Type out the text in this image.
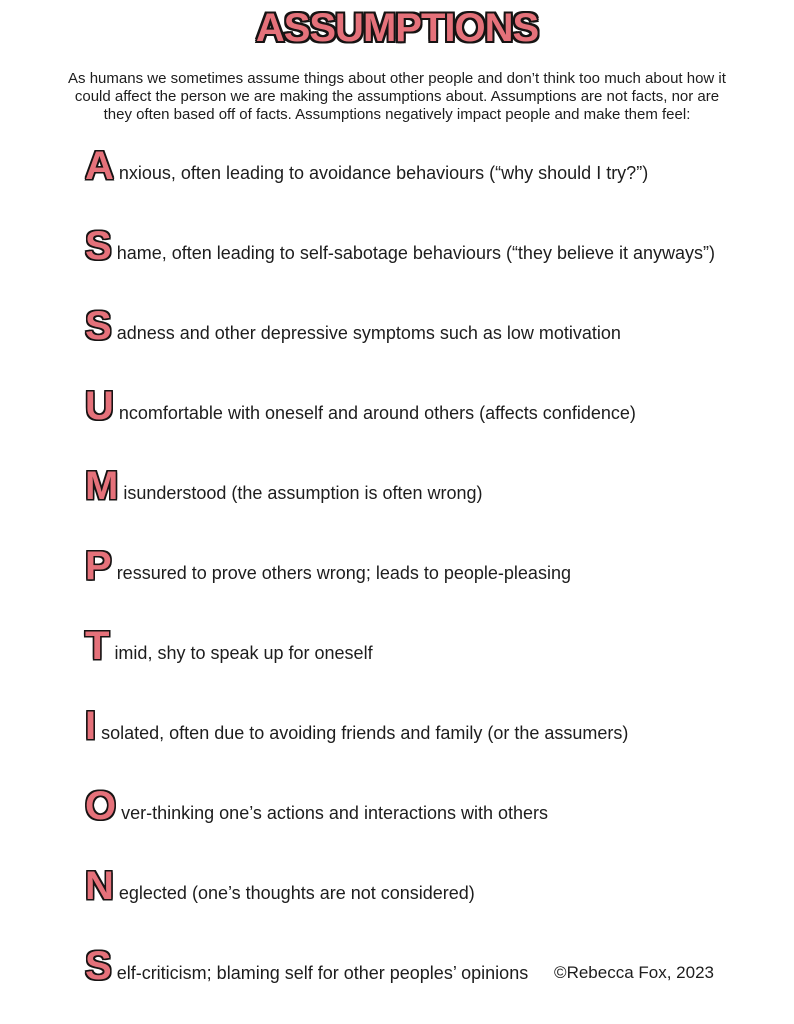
ASSUMPTIONS

As humans we sometimes assume things about other people and don’t think too much about how it could affect the person we are making the assumptions about. Assumptions are not facts, nor are they often based off of facts. Assumptions negatively impact people and make them feel:

Anxious, often leading to avoidance behaviours (“why should I try?”)

Shame, often leading to self-sabotage behaviours (“they believe it anyways”)

Sadness and other depressive symptoms such as low motivation

Uncomfortable with oneself and around others (affects confidence)

Misunderstood (the assumption is often wrong)

Pressured to prove others wrong; leads to people-pleasing

Timid, shy to speak up for oneself

Isolated, often due to avoiding friends and family (or the assumers)

Over-thinking one’s actions and interactions with others

Neglected (one’s thoughts are not considered)

Self-criticism; blaming self for other peoples’ opinions	©Rebecca Fox, 2023
